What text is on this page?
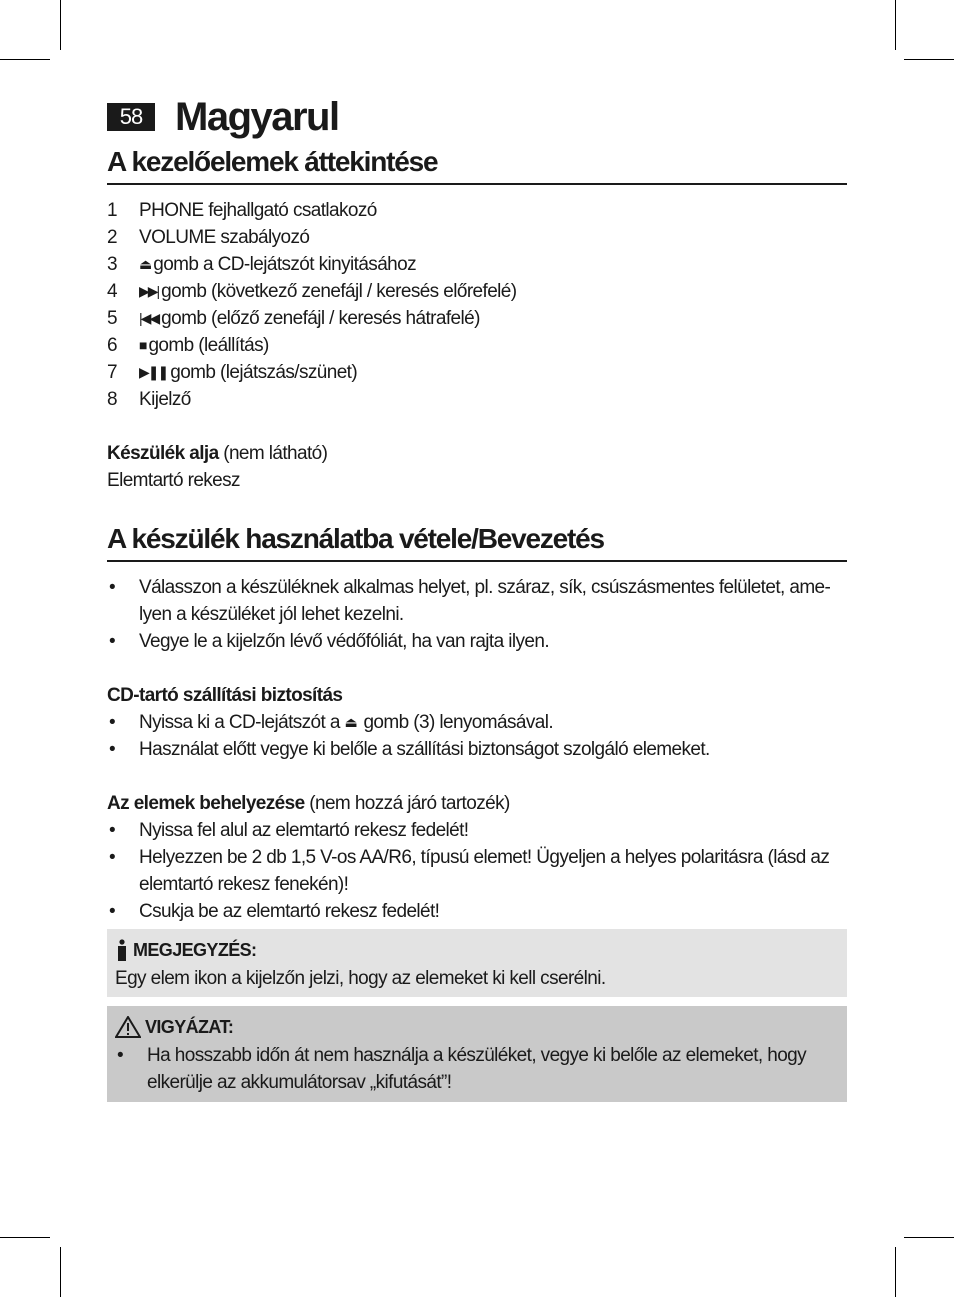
58 Magyarul
A kezelőelemek áttekintése
1 PHONE fejhallgató csatlakozó
2 VOLUME szabályozó
3 ⏏ gomb a CD-lejátszót kinyitásához
4 ▶▶| gomb (következő zenefájl / keresés előrefelé)
5 |◀◀ gomb (előző zenefájl / keresés hátrafelé)
6 ■ gomb (leállítás)
7 ▶❚❚ gomb (lejátszás/szünet)
8 Kijelző
Készülék alja (nem látható)
Elemtartó rekesz
A készülék használatba vétele/Bevezetés
• Válasszon a készüléknek alkalmas helyet, pl. száraz, sík, csúszásmentes felületet, ame-lyen a készüléket jól lehet kezelni.
• Vegye le a kijelzőn lévő védőfóliát, ha van rajta ilyen.
CD-tartó szállítási biztosítás
• Nyissa ki a CD-lejátszót a ⏏ gomb (3) lenyomásával.
• Használat előtt vegye ki belőle a szállítási biztonságot szolgáló elemeket.
Az elemek behelyezése (nem hozzá járó tartozék)
• Nyissa fel alul az elemtartó rekesz fedelét!
• Helyezzen be 2 db 1,5 V-os AA/R6, típusú elemet! Ügyeljen a helyes polaritásra (lásd az elemtartó rekesz fenekén)!
• Csukja be az elemtartó rekesz fedelét!
MEGJEGYZÉS:
Egy elem ikon a kijelzőn jelzi, hogy az elemeket ki kell cserélni.
VIGYÁZAT:
• Ha hosszabb időn át nem használja a készüléket, vegye ki belőle az elemeket, hogy elkerülje az akkumulátorsav „kifutását”!
